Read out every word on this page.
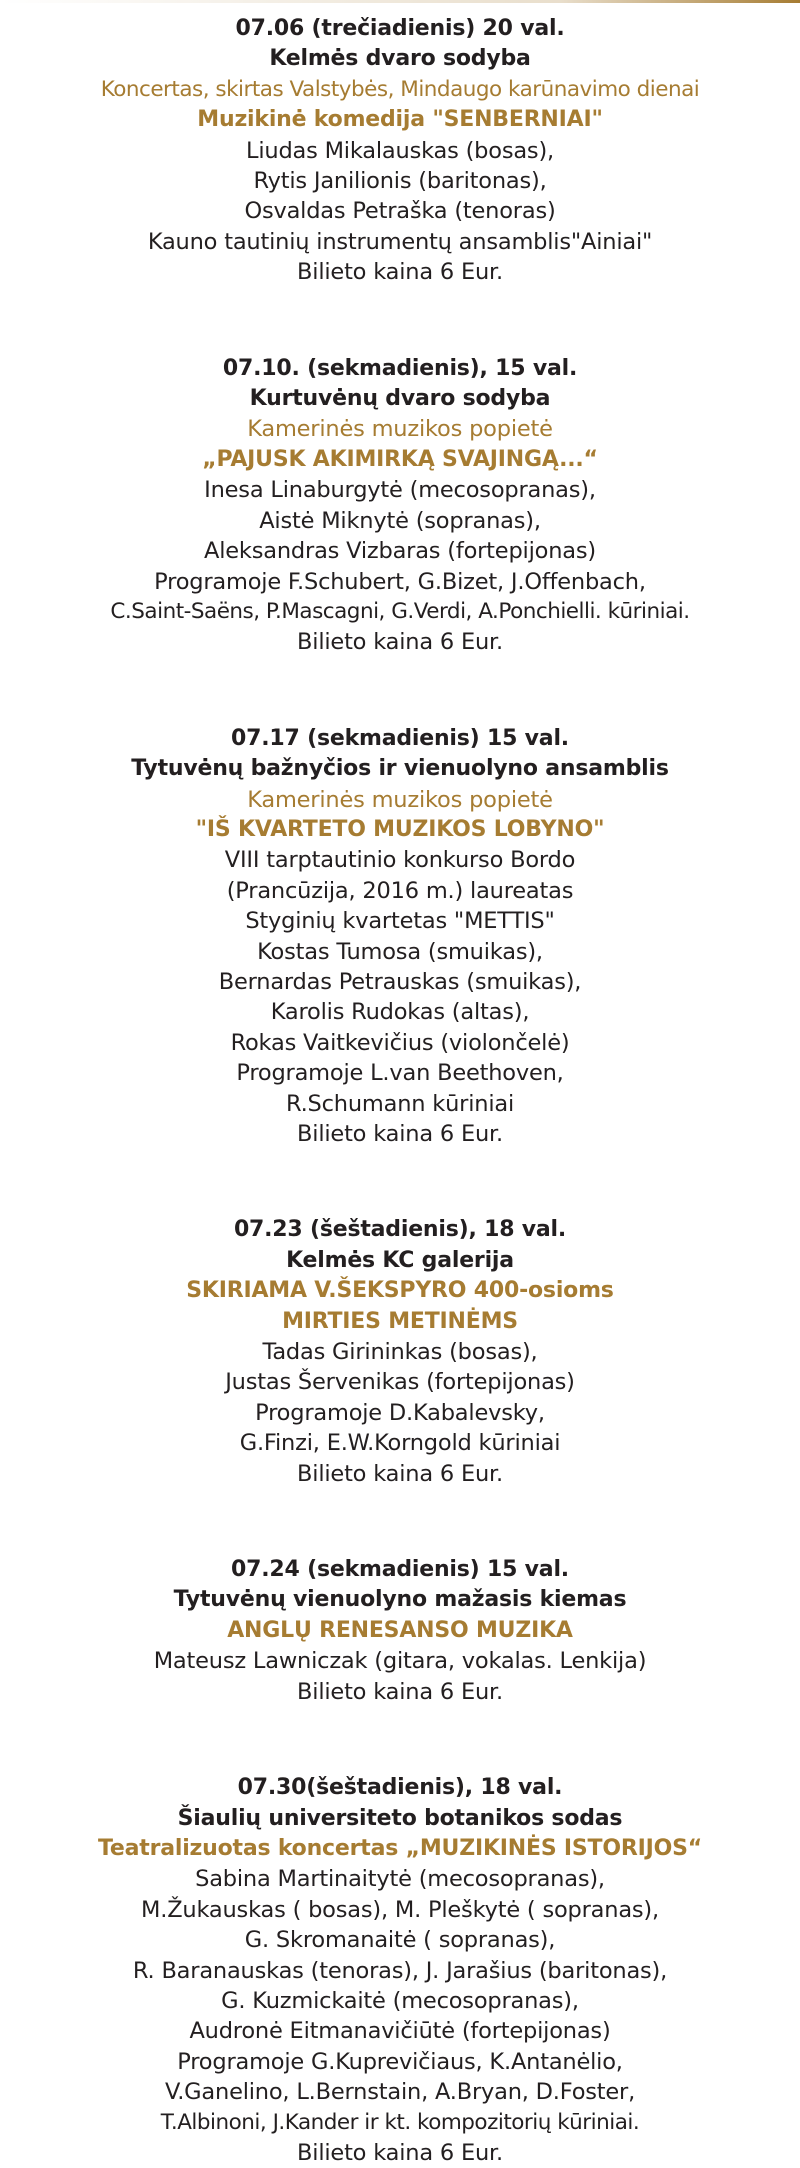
07.06 (trečiadienis) 20 val.
Kelmės dvaro sodyba
Koncertas, skirtas Valstybės, Mindaugo karūnavimo dienai
Muzikinė komedija "SENBERNIAI"
Liudas Mikalauskas (bosas),
Rytis Janilionis (baritonas),
Osvaldas Petraška (tenoras)
Kauno tautinių instrumentų ansamblis"Ainiai"
Bilieto kaina 6 Eur.
07.10. (sekmadienis), 15 val.
Kurtuvėnų dvaro sodyba
Kamerinės muzikos popietė
„PAJUSK AKIMIRKĄ SVAJINGĄ...“
Inesa Linaburgytė (mecosopranas),
Aistė Miknytė (sopranas),
Aleksandras Vizbaras (fortepijonas)
Programoje F.Schubert, G.Bizet, J.Offenbach,
C.Saint-Saëns, P.Mascagni, G.Verdi, A.Ponchielli. kūriniai.
Bilieto kaina 6 Eur.
07.17 (sekmadienis) 15 val.
Tytuvėnų bažnyčios ir vienuolyno ansamblis
Kamerinės muzikos popietė
"IŠ KVARTETO MUZIKOS LOBYNO"
VIII tarptautinio konkurso Bordo
(Prancūzija, 2016 m.) laureatas
Styginių kvartetas "METTIS"
Kostas Tumosa (smuikas),
Bernardas Petrauskas (smuikas),
Karolis Rudokas (altas),
Rokas Vaitkevičius (violončelė)
Programoje L.van Beethoven,
R.Schumann kūriniai
Bilieto kaina 6 Eur.
07.23 (šeštadienis), 18 val.
Kelmės KC galerija
SKIRIAMA V.ŠEKSPYRO 400-osioms
MIRTIES METINĖMS
Tadas Girininkas (bosas),
Justas Šervenikas (fortepijonas)
Programoje D.Kabalevsky,
G.Finzi, E.W.Korngold kūriniai
Bilieto kaina 6 Eur.
07.24 (sekmadienis) 15 val.
Tytuvėnų vienuolyno mažasis kiemas
ANGLŲ RENESANSO MUZIKA
Mateusz Lawniczak (gitara, vokalas. Lenkija)
Bilieto kaina 6 Eur.
07.30(šeštadienis), 18 val.
Šiaulių universiteto botanikos sodas
Teatralizuotas koncertas „MUZIKINĖS ISTORIJOS“
Sabina Martinaitytė (mecosopranas),
M.Žukauskas ( bosas), M. Pleškytė ( sopranas),
G. Skromanaitė ( sopranas),
R. Baranauskas (tenoras), J. Jarašius (baritonas),
G. Kuzmickaitė (mecosopranas),
Audronė Eitmanavičiūtė (fortepijonas)
Programoje G.Kuprevičiaus, K.Antanėlio,
V.Ganelino, L.Bernstain, A.Bryan, D.Foster,
T.Albinoni, J.Kander ir kt. kompozitorių kūriniai.
Bilieto kaina 6 Eur.
